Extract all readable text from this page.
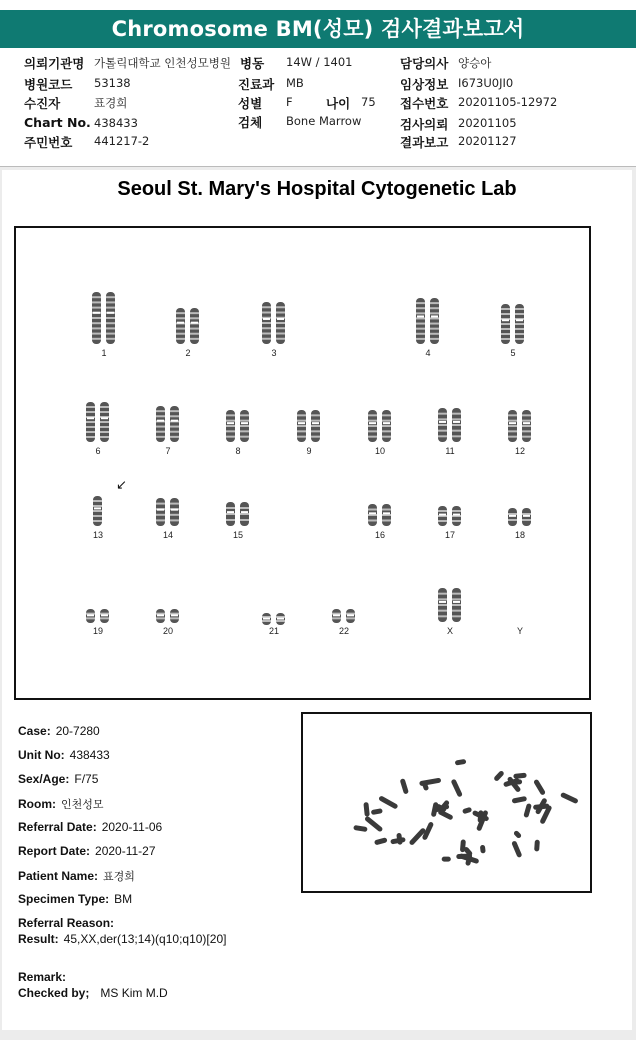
Chromosome BM(성모) 검사결과보고서
의뢰기관명 가톨릭대학교 인천성모병원
병원코드 53138
수진자	표경희
Chart No. 438433
주민번호 441217-2
병동 14W / 1401
진료과 MB
성별 F	나이 75
검체 Bone Marrow
담당의사 양승아
임상정보 I673U0JI0
접수번호 20201105-12972
검사의뢰 20201105
결과보고 20201127
Seoul St. Mary's Hospital Cytogenetic Lab
1	2	3	4	5
6	7	8	9	10	11	12
13	14	15	16	17	18
19	20	21	22	X	Y
↙
Case: 20-7280
Unit No: 438433
Sex/Age: F/75
Room: 인천성모
Referral Date: 2020-11-06
Report Date: 2020-11-27
Patient Name: 표경희
Specimen Type: BM
Referral Reason:
Result: 45,XX,der(13;14)(q10;q10)[20]
Remark:
Checked by; MS Kim M.D
